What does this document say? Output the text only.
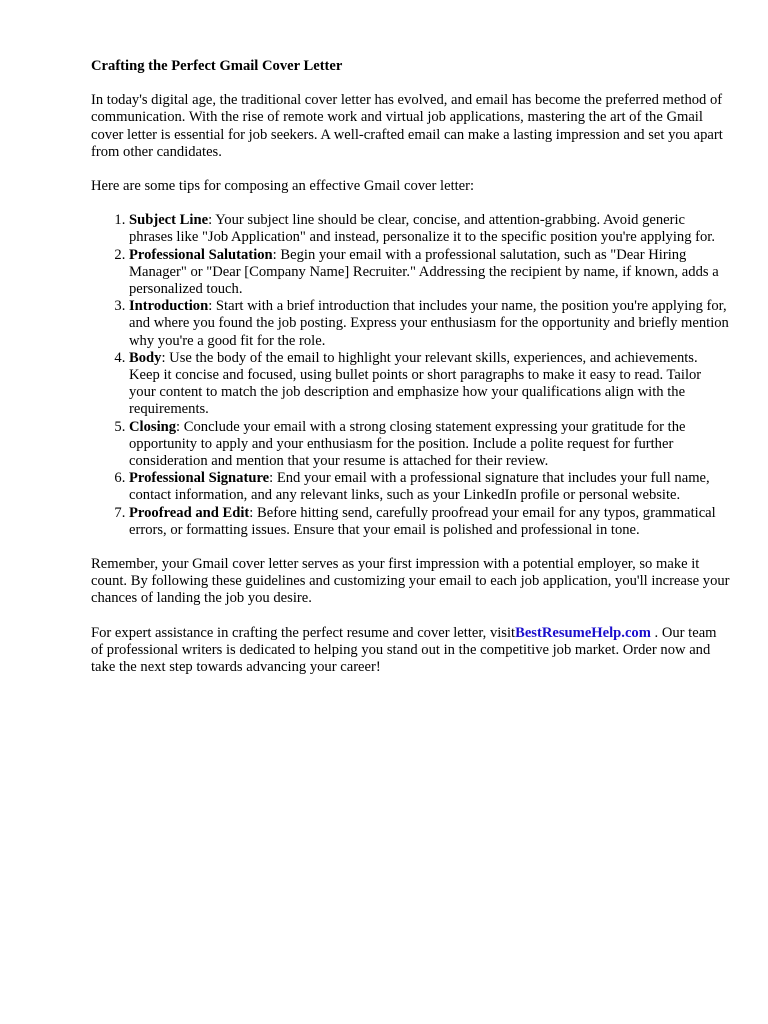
Crafting the Perfect Gmail Cover Letter

In today's digital age, the traditional cover letter has evolved, and email has become the preferred method of communication. With the rise of remote work and virtual job applications, mastering the art of the Gmail cover letter is essential for job seekers. A well-crafted email can make a lasting impression and set you apart from other candidates.

Here are some tips for composing an effective Gmail cover letter:

1. Subject Line: Your subject line should be clear, concise, and attention-grabbing. Avoid generic phrases like "Job Application" and instead, personalize it to the specific position you're applying for.
2. Professional Salutation: Begin your email with a professional salutation, such as "Dear Hiring Manager" or "Dear [Company Name] Recruiter." Addressing the recipient by name, if known, adds a personalized touch.
3. Introduction: Start with a brief introduction that includes your name, the position you're applying for, and where you found the job posting. Express your enthusiasm for the opportunity and briefly mention why you're a good fit for the role.
4. Body: Use the body of the email to highlight your relevant skills, experiences, and achievements. Keep it concise and focused, using bullet points or short paragraphs to make it easy to read. Tailor your content to match the job description and emphasize how your qualifications align with the requirements.
5. Closing: Conclude your email with a strong closing statement expressing your gratitude for the opportunity to apply and your enthusiasm for the position. Include a polite request for further consideration and mention that your resume is attached for their review.
6. Professional Signature: End your email with a professional signature that includes your full name, contact information, and any relevant links, such as your LinkedIn profile or personal website.
7. Proofread and Edit: Before hitting send, carefully proofread your email for any typos, grammatical errors, or formatting issues. Ensure that your email is polished and professional in tone.

Remember, your Gmail cover letter serves as your first impression with a potential employer, so make it count. By following these guidelines and customizing your email to each job application, you'll increase your chances of landing the job you desire.

For expert assistance in crafting the perfect resume and cover letter, visitBestResumeHelp.com . Our team of professional writers is dedicated to helping you stand out in the competitive job market. Order now and take the next step towards advancing your career!
